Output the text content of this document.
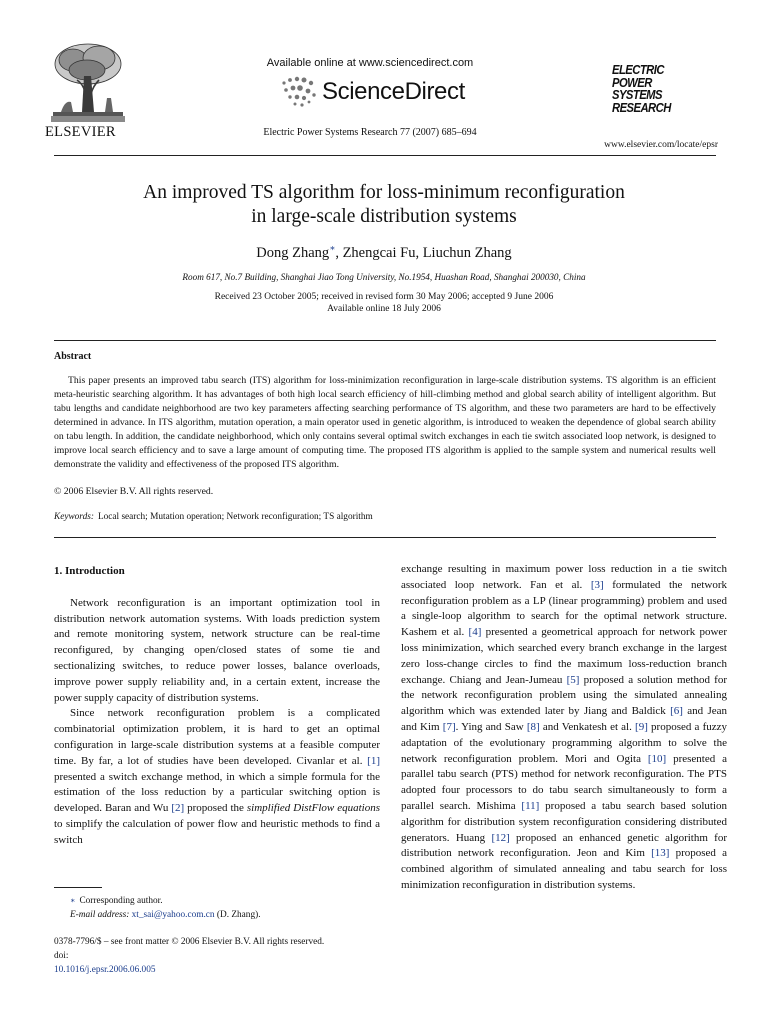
ELSEVIER
Available online at www.sciencedirect.com
ScienceDirect
Electric Power Systems Research 77 (2007) 685–694
ELECTRIC
POWER
SYSTEMS
RESEARCH
www.elsevier.com/locate/epsr
An improved TS algorithm for loss-minimum reconfiguration
in large-scale distribution systems
Dong Zhang∗, Zhengcai Fu, Liuchun Zhang
Room 617, No.7 Building, Shanghai Jiao Tong University, No.1954, Huashan Road, Shanghai 200030, China
Received 23 October 2005; received in revised form 30 May 2006; accepted 9 June 2006
Available online 18 July 2006
Abstract
This paper presents an improved tabu search (ITS) algorithm for loss-minimization reconfiguration in large-scale distribution systems. TS algorithm is an efficient meta-heuristic searching algorithm. It has advantages of both high local search efficiency of hill-climbing method and global search ability of intelligent algorithm. But tabu lengths and candidate neighborhood are two key parameters affecting searching performance of TS algorithm, and these two parameters are hard to be effectively determined in advance. In ITS algorithm, mutation operation, a main operator used in genetic algorithm, is introduced to weaken the dependence of global search ability on tabu length. In addition, the candidate neighborhood, which only contains several optimal switch exchanges in each tie switch associated loop network, is designed to improve local search efficiency and to save a large amount of computing time. The proposed ITS algorithm is applied to the sample system and numerical results well demonstrate the validity and effectiveness of the proposed ITS algorithm.
© 2006 Elsevier B.V. All rights reserved.
Keywords: Local search; Mutation operation; Network reconfiguration; TS algorithm
1. Introduction

Network reconfiguration is an important optimization tool in distribution network automation systems. With loads prediction system and remote monitoring system, network structure can be real-time reconfigured, by changing open/closed states of some tie and sectionalizing switches, to reduce power losses, balance overloads, improve power supply reliability and, in a certain extent, increase the power supply capacity of distribution systems.

Since network reconfiguration problem is a complicated combinatorial optimization problem, it is hard to get an optimal configuration in large-scale distribution systems at a feasible computer time. By far, a lot of studies have been developed. Civanlar et al. [1] presented a switch exchange method, in which a simple formula for the estimation of the loss reduction by a particular switching option is developed. Baran and Wu [2] proposed the simplified DistFlow equations to simplify the calculation of power flow and heuristic methods to find a switch

exchange resulting in maximum power loss reduction in a tie switch associated loop network. Fan et al. [3] formulated the network reconfiguration problem as a LP (linear programming) problem and used a single-loop algorithm to search for the optimal network structure. Kashem et al. [4] presented a geometrical approach for network power loss minimization, which searched every branch exchange in the largest zero loss-change circles to find the maximum loss-reduction branch exchange. Chiang and Jean-Jumeau [5] proposed a solution method for the network reconfiguration problem using the simulated annealing algorithm which was extended later by Jiang and Baldick [6] and Jean and Kim [7]. Ying and Saw [8] and Venkatesh et al. [9] proposed a fuzzy adaptation of the evolutionary programming algorithm to solve the network reconfiguration problem. Mori and Ogita [10] presented a parallel tabu search (PTS) method for network reconfiguration. The PTS adopted four processors to do tabu search simultaneously to form a parallel search. Mishima [11] proposed a tabu search based solution algorithm for distribution system reconfiguration considering distributed generators. Huang [12] proposed an enhanced genetic algorithm for distribution network reconfiguration. Jeon and Kim [13] proposed a combined algorithm of simulated annealing and tabu search for loss minimization reconfiguration in distribution systems.

∗ Corresponding author.
E-mail address: xt_sai@yahoo.com.cn (D. Zhang).
0378-7796/$ – see front matter © 2006 Elsevier B.V. All rights reserved.
doi:
10.1016/j.epsr.2006.06.005
